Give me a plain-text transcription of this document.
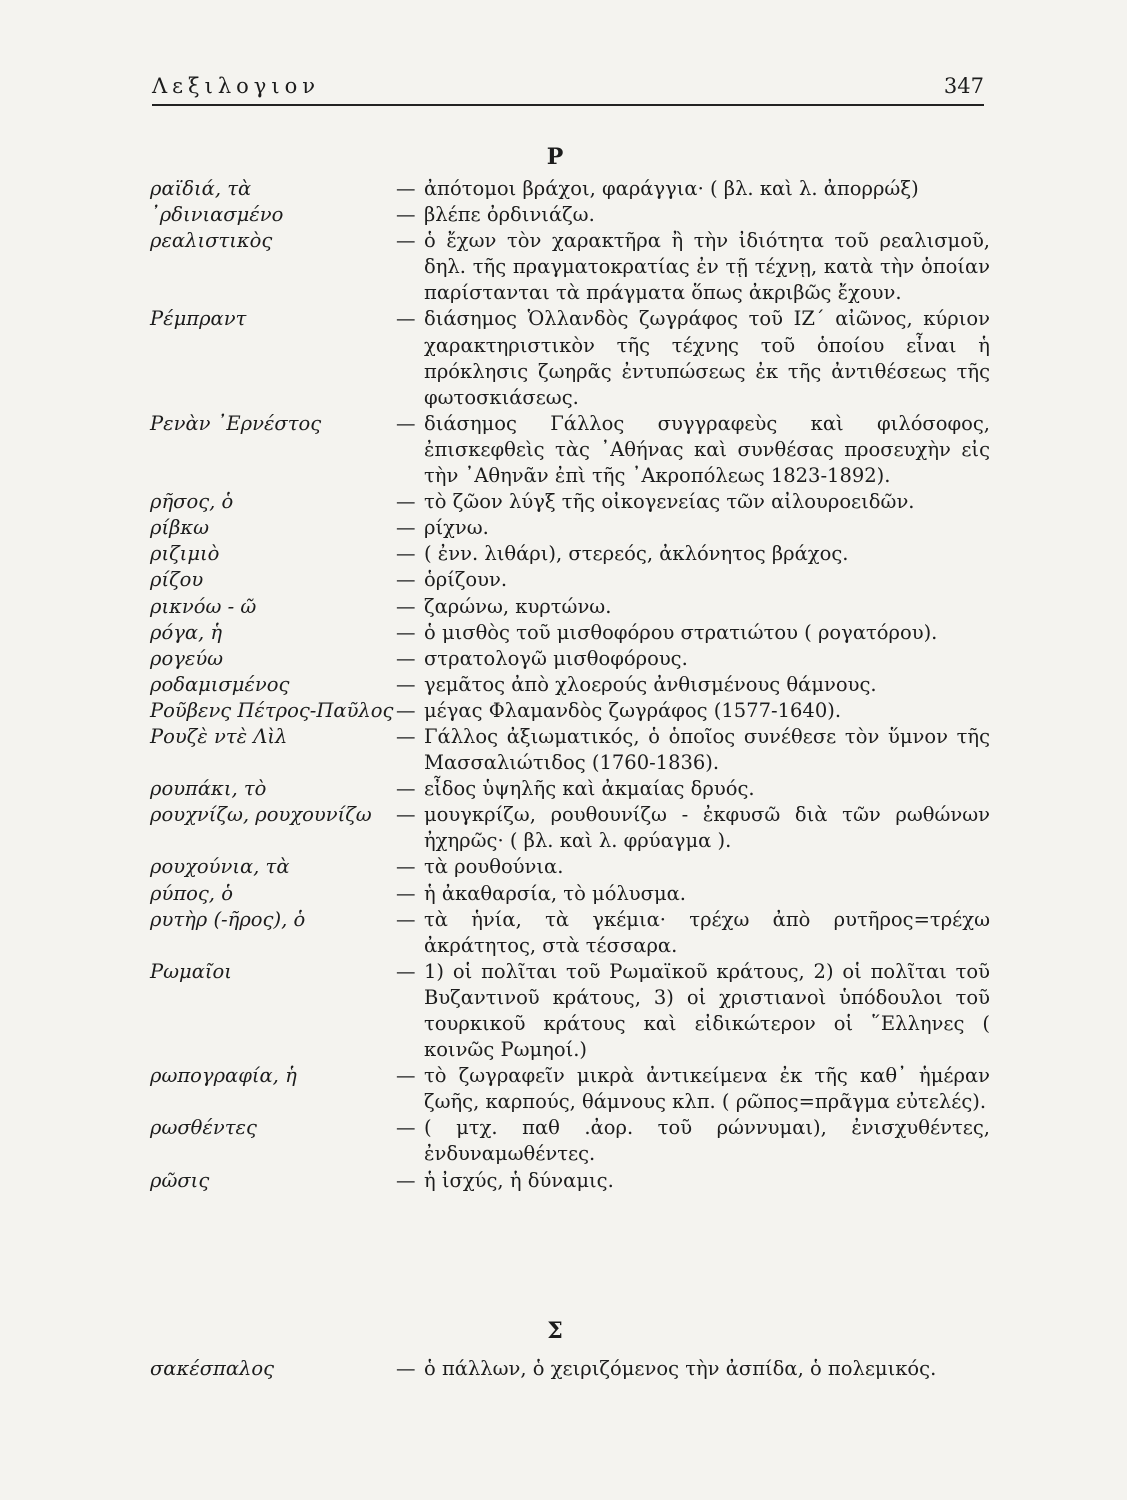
Λεξιλογιον	347
Ρ
ραϊδιά, τὰ	— ἀπότομοι βράχοι, φαράγγια· ( βλ. καὶ λ. ἀπορρώξ)
᾿ρδινιασμένο	— βλέπε ὀρδινιάζω.
ρεαλιστικὸς	— ὁ ἔχων τὸν χαρακτῆρα ἢ τὴν ἰδιότητα τοῦ ρεαλισμοῦ, δηλ. τῆς πραγματοκρατίας ἐν τῇ τέχνῃ, κατὰ τὴν ὁποίαν παρίστανται τὰ πράγματα ὅπως ἀκριβῶς ἔχουν.
Ρέμπραντ	— διάσημος Ὁλλανδὸς ζωγράφος τοῦ ΙΖ΄ αἰῶνος, κύριον χαρακτηριστικὸν τῆς τέχνης τοῦ ὁποίου εἶναι ἡ πρόκλησις ζωηρᾶς ἐντυπώσεως ἐκ τῆς ἀντιθέσεως τῆς φωτοσκιάσεως.
Ρενὰν ᾿Ερνέστος	— διάσημος Γάλλος συγγραφεὺς καὶ φιλόσοφος, ἐπισκεφθεὶς τὰς ᾿Αθήνας καὶ συνθέσας προσευχὴν εἰς τὴν ᾿Αθηνᾶν ἐπὶ τῆς ᾿Ακροπόλεως 1823-1892).
ρῆσος, ὁ	— τὸ ζῶον λύγξ τῆς οἰκογενείας τῶν αἰλουροειδῶν.
ρίβκω	— ρίχνω.
ριζιμιὸ	— ( ἐνν. λιθάρι), στερεός, ἀκλόνητος βράχος.
ρίζου	— ὁρίζουν.
ρικνόω - ῶ	— ζαρώνω, κυρτώνω.
ρόγα, ἡ	— ὁ μισθὸς τοῦ μισθοφόρου στρατιώτου ( ρογατόρου).
ρογεύω	— στρατολογῶ μισθοφόρους.
ροδαμισμένος	— γεμᾶτος ἀπὸ χλοερούς ἀνθισμένους θάμνους.
Ροῦβενς Πέτρος-Παῦλος — μέγας Φλαμανδὸς ζωγράφος (1577-1640).
Ρουζὲ ντὲ Λὶλ	— Γάλλος ἀξιωματικός, ὁ ὁποῖος συνέθεσε τὸν ὕμνον τῆς Μασσαλιώτιδος (1760-1836).
ρουπάκι, τὸ	— εἶδος ὑψηλῆς καὶ ἀκμαίας δρυός.
ρουχνίζω, ρουχουνίζω	— μουγκρίζω, ρουθουνίζω - ἐκφυσῶ διὰ τῶν ρωθώνων ἠχηρῶς· ( βλ. καὶ λ. φρύαγμα ).
ρουχούνια, τὰ	— τὰ ρουθούνια.
ρύπος, ὁ	— ἡ ἀκαθαρσία, τὸ μόλυσμα.
ρυτὴρ (-ῆρος), ὁ	— τὰ ἡνία, τὰ γκέμια· τρέχω ἀπὸ ρυτῆρος=τρέχω ἀκράτητος, στὰ τέσσαρα.
Ρωμαῖοι	— 1) οἱ πολῖται τοῦ Ρωμαϊκοῦ κράτους, 2) οἱ πολῖται τοῦ Βυζαντινοῦ κράτους, 3) οἱ χριστιανοὶ ὑπόδουλοι τοῦ τουρκικοῦ κράτους καὶ εἰδικώτερον οἱ ῞Ελληνες ( κοινῶς Ρωμηοί.)
ρωπογραφία, ἡ	— τὸ ζωγραφεῖν μικρὰ ἀντικείμενα ἐκ τῆς καθ᾿ ἡμέραν ζωῆς, καρπούς, θάμνους κλπ. ( ρῶπος=πρᾶγμα εὐτελές).
ρωσθέντες	— ( μτχ. παθ .ἀορ. τοῦ ρώννυμαι), ἐνισχυθέντες, ἐνδυναμωθέντες.
ρῶσις	— ἡ ἰσχύς, ἡ δύναμις.
Σ
σακέσπαλος	— ὁ πάλλων, ὁ χειριζόμενος τὴν ἀσπίδα, ὁ πολεμικός.
